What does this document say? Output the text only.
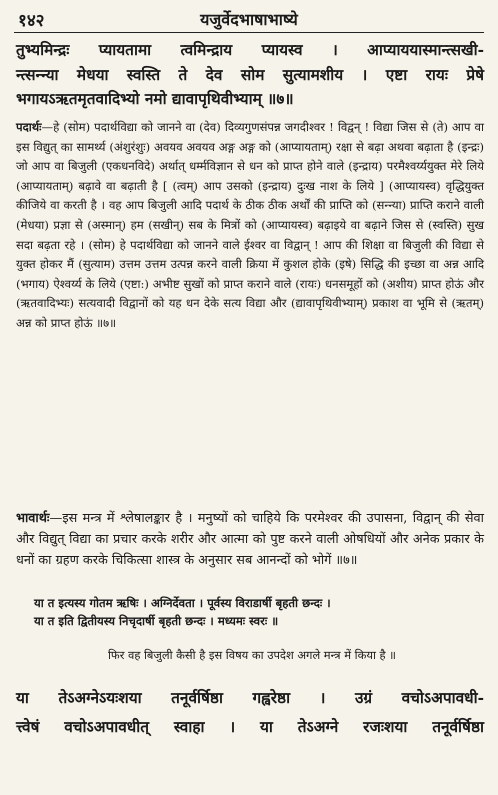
१४२	यजुर्वेदभाषाभाष्ये
तुभ्यमिन्द्रः प्यायतामा त्वमिन्द्राय प्यायस्व । आप्याययास्मान्त्सखी-
न्त्सन्न्या मेधया स्वस्ति ते देव सोम सुत्यामशीय । एष्टा रायः प्रेषे
भगायऽऋतमृतवादिभ्यो नमो द्यावापृथिवीभ्याम् ॥७॥

पदार्थः—हे (सोम) पदार्थविद्या को जानने वा (देव) दिव्यगुणसंपन्न जगदीश्वर ! विद्वन् ! विद्या जिस से (ते) आप वा इस विद्युत् का सामर्थ्य (अंशुरंशुः) अवयव अवयव अङ्ग अङ्ग को (आप्यायताम्) रक्षा से बढ़ा अथवा बढ़ाता है (इन्द्रः) जो आप वा बिजुली (एकधनविदे) अर्थात् धर्म्मविज्ञान से धन को प्राप्त होने वाले (इन्द्राय) परमैश्वर्य्ययुक्त मेरे लिये (आप्यायताम्) बढ़ावे वा बढ़ाती है [ (त्वम्) आप उसको (इन्द्राय) दुःख नाश के लिये ] (आप्यायस्व) वृद्धियुक्त कीजिये वा करती है । वह आप बिजुली आदि पदार्थ के ठीक ठीक अर्थों की प्राप्ति को (सन्न्या) प्राप्ति कराने वाली (मेधया) प्रज्ञा से (अस्मान्) हम (सखीन्) सब के मित्रों को (आप्यायस्व) बढ़ाइये वा बढ़ाने जिस से (स्वस्ति) सुख सदा बढ़ता रहे । (सोम) हे पदार्थविद्या को जानने वाले ईश्वर वा विद्वान् ! आप की शिक्षा वा बिजुली की विद्या से युक्त होकर मैं (सुत्याम) उत्तम उत्तम उत्पन्न करने वाली क्रिया में कुशल होके (इषे) सिद्धि की इच्छा वा अन्न आदि (भगाय) ऐश्वर्य्य के लिये (एष्टा:) अभीष्ट सुखों को प्राप्त कराने वाले (रायः) धनसमूहों को (अशीय) प्राप्त होऊं और (ऋतवादिभ्यः) सत्यवादी विद्वानों को यह धन देके सत्य विद्या और (द्यावापृथिवीभ्याम्) प्रकाश वा भूमि से (ऋतम्) अन्न को प्राप्त होऊं ॥७॥

भावार्थः—इस मन्त्र में श्लेषालङ्कार है । मनुष्यों को चाहिये कि परमेश्वर की उपासना, विद्वान् की सेवा और विद्युत् विद्या का प्रचार करके शरीर और आत्मा को पुष्ट करने वाली ओषधियों और अनेक प्रकार के धनों का ग्रहण करके चिकित्सा शास्त्र के अनुसार सब आनन्दों को भोगें ॥७॥

या त इत्यस्य गोतम ऋषिः । अग्निर्देवता । पूर्वस्य विराडार्षी बृहती छन्दः ।
या त इति द्वितीयस्य निचृदार्षी बृहती छन्दः । मध्यमः स्वरः ॥
फिर वह बिजुली कैसी है इस विषय का उपदेश अगले मन्त्र में किया है ॥
या तेऽअग्नेऽयःशया तनूर्वर्षिष्ठा गह्वरेष्ठा । उग्रं वचोऽअपावधी-
त्त्वेषं वचोऽअपावधीत् स्वाहा । या तेऽअग्ने रजःशया तनूर्वर्षिष्ठा
